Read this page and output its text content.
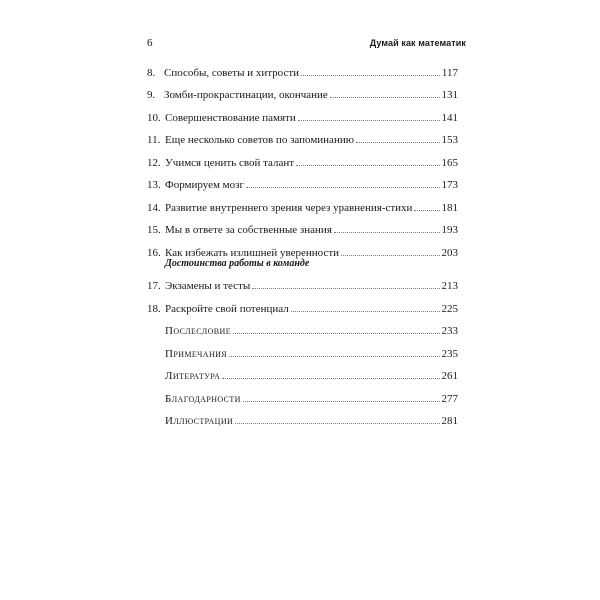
6	Думай как математик
8. Способы, советы и хитрости	117
9. Зомби-прокрастинации, окончание	131
10. Совершенствование памяти	141
11. Еще несколько советов по запоминанию	153
12. Учимся ценить свой талант	165
13. Формируем мозг	173
14. Развитие внутреннего зрения через уравнения-стихи	181
15. Мы в ответе за собственные знания	193
16. Как избежать излишней уверенности	203
Достоинства работы в команде
17. Экзамены и тесты	213
18. Раскройте свой потенциал	225
Послесловие	233
Примечания	235
Литература	261
Благодарности	277
Иллюстрации	281
